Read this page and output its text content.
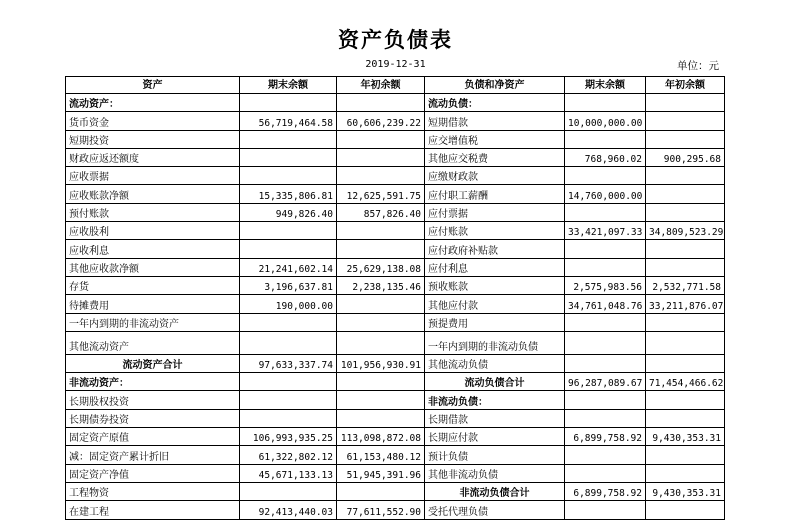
资产负债表
2019-12-31	单位：元
资产	期末余额	年初余额	负债和净资产	期末余额	年初余额
流动资产：			流动负债：		
货币资金	56,719,464.58	60,606,239.22	短期借款	10,000,000.00	
短期投资			应交增值税		
财政应返还额度			其他应交税费	768,960.02	900,295.68
应收票据			应缴财政款		
应收账款净额	15,335,806.81	12,625,591.75	应付职工薪酬	14,760,000.00	
预付账款	949,826.40	857,826.40	应付票据		
应收股利			应付账款	33,421,097.33	34,809,523.29
应收利息			应付政府补贴款		
其他应收款净额	21,241,602.14	25,629,138.08	应付利息		
存货	3,196,637.81	2,238,135.46	预收账款	2,575,983.56	2,532,771.58
待摊费用	190,000.00		其他应付款	34,761,048.76	33,211,876.07
一年内到期的非流动资产			预提费用		
其他流动资产			一年内到期的非流动负债		
流动资产合计	97,633,337.74	101,956,930.91	其他流动负债		
非流动资产：			流动负债合计	96,287,089.67	71,454,466.62
长期股权投资			非流动负债：		
长期债券投资			长期借款		
固定资产原值	106,993,935.25	113,098,872.08	长期应付款	6,899,758.92	9,430,353.31
减：固定资产累计折旧	61,322,802.12	61,153,480.12	预计负债		
固定资产净值	45,671,133.13	51,945,391.96	其他非流动负债		
工程物资			非流动负债合计	6,899,758.92	9,430,353.31
在建工程	92,413,440.03	77,611,552.90	受托代理负债		
